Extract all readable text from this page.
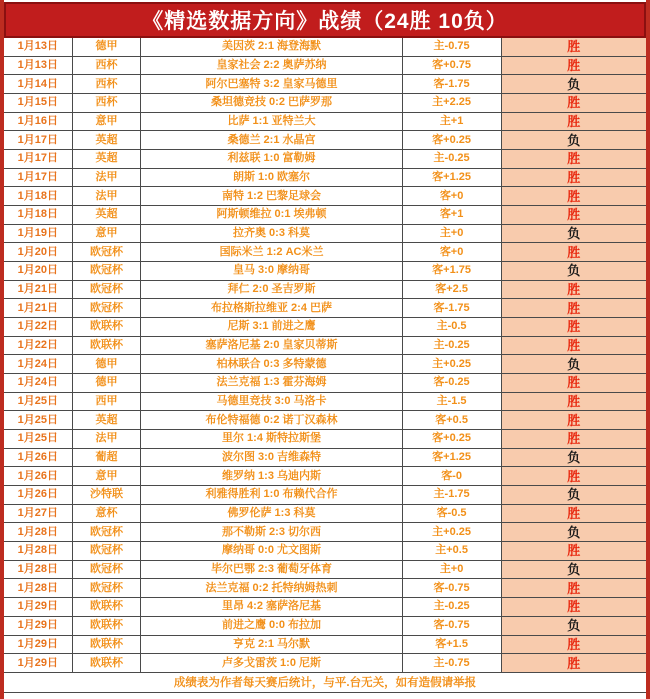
《精选数据方向》战绩（24胜 10负）
1月13日	德甲	美因茨 2:1 海登海默	主-0.75	胜
1月13日	西杯	皇家社会 2:2 奥萨苏纳	客+0.75	胜
1月14日	西杯	阿尔巴塞特 3:2 皇家马德里	客-1.75	负
1月15日	西杯	桑坦德竞技 0:2 巴萨罗那	主+2.25	胜
1月16日	意甲	比萨 1:1 亚特兰大	主+1	胜
1月17日	英超	桑德兰 2:1 水晶宫	客+0.25	负
1月17日	英超	利兹联 1:0 富勒姆	主-0.25	胜
1月17日	法甲	朗斯 1:0 欧塞尔	客+1.25	胜
1月18日	法甲	南特 1:2 巴黎足球会	客+0	胜
1月18日	英超	阿斯顿维拉 0:1 埃弗顿	客+1	胜
1月19日	意甲	拉齐奥 0:3 科莫	主+0	负
1月20日	欧冠杯	国际米兰 1:2 AC米兰	客+0	胜
1月20日	欧冠杯	皇马 3:0 摩纳哥	客+1.75	负
1月21日	欧冠杯	拜仁 2:0 圣吉罗斯	客+2.5	胜
1月21日	欧冠杯	布拉格斯拉维亚 2:4 巴萨	客-1.75	胜
1月22日	欧联杯	尼斯 3:1 前进之鹰	主-0.5	胜
1月22日	欧联杯	塞萨洛尼基 2:0 皇家贝蒂斯	主-0.25	胜
1月24日	德甲	柏林联合 0:3 多特蒙德	主+0.25	负
1月24日	德甲	法兰克福 1:3 霍芬海姆	客-0.25	胜
1月25日	西甲	马德里竞技 3:0 马洛卡	主-1.5	胜
1月25日	英超	布伦特福德 0:2 诺丁汉森林	客+0.5	胜
1月25日	法甲	里尔 1:4 斯特拉斯堡	客+0.25	胜
1月26日	葡超	波尔图 3:0 吉维森特	客+1.25	负
1月26日	意甲	维罗纳 1:3 乌迪内斯	客-0	胜
1月26日	沙特联	利雅得胜利 1:0 布赖代合作	主-1.75	负
1月27日	意杯	佛罗伦萨 1:3 科莫	客-0.5	胜
1月28日	欧冠杯	那不勒斯 2:3 切尔西	主+0.25	负
1月28日	欧冠杯	摩纳哥 0:0 尤文图斯	主+0.5	胜
1月28日	欧冠杯	毕尔巴鄂 2:3 葡萄牙体育	主+0	负
1月28日	欧冠杯	法兰克福 0:2 托特纳姆热刺	客-0.75	胜
1月29日	欧联杯	里昂 4:2 塞萨洛尼基	主-0.25	胜
1月29日	欧联杯	前进之鹰 0:0 布拉加	客-0.75	负
1月29日	欧联杯	亨克 2:1 马尔默	客+1.5	胜
1月29日	欧联杯	卢多戈雷茨 1:0 尼斯	主-0.75	胜
成绩表为作者每天赛后统计，与平.台无关，如有造假请举报
